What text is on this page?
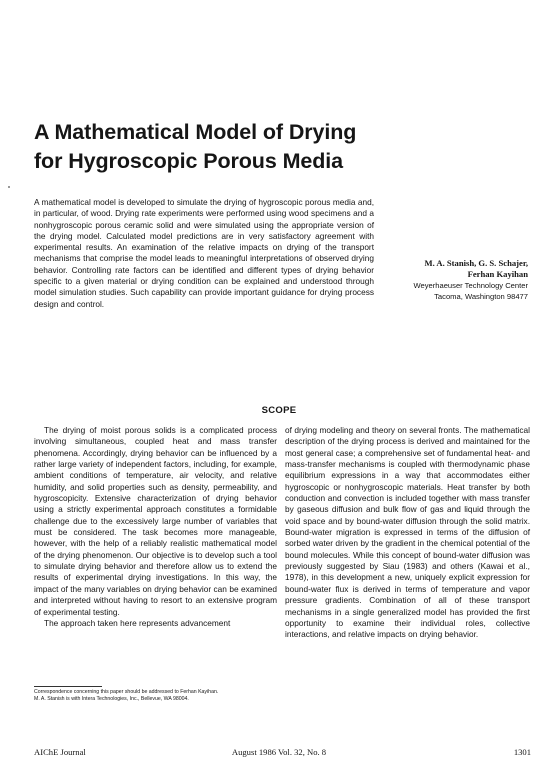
A Mathematical Model of Drying
for Hygroscopic Porous Media

A mathematical model is developed to simulate the drying of hygroscopic porous media and, in particular, of wood. Drying rate experiments were performed using wood specimens and a nonhygroscopic porous ceramic solid and were simulated using the appropriate version of the drying model. Calculated model predictions are in very satisfactory agreement with experimental results. An examination of the relative impacts on drying of the transport mechanisms that comprise the model leads to meaningful interpretations of observed drying behavior. Controlling rate factors can be identified and different types of drying behavior specific to a given material or drying condition can be explained and understood through model simulation studies. Such capability can provide important guidance for drying process design and control.

M. A. Stanish, G. S. Schajer,
Ferhan Kayihan
Weyerhaeuser Technology Center
Tacoma, Washington 98477
SCOPE

The drying of moist porous solids is a complicated process involving simultaneous, coupled heat and mass transfer phenomena. Accordingly, drying behavior can be influenced by a rather large variety of independent factors, including, for example, ambient conditions of temperature, air velocity, and relative humidity, and solid properties such as density, permeability, and hygroscopicity. Extensive characterization of drying behavior using a strictly experimental approach constitutes a formidable challenge due to the excessively large number of variables that must be considered. The task becomes more manageable, however, with the help of a reliably realistic mathematical model of the drying phenomenon. Our objective is to develop such a tool to simulate drying behavior and therefore allow us to extend the results of experimental drying investigations. In this way, the impact of the many variables on drying behavior can be examined and interpreted without having to resort to an extensive program of experimental testing.

The approach taken here represents advancement

of drying modeling and theory on several fronts. The mathematical description of the drying process is derived and maintained for the most general case; a comprehensive set of fundamental heat- and mass-transfer mechanisms is coupled with thermodynamic phase equilibrium expressions in a way that accommodates either hygroscopic or nonhygroscopic materials. Heat transfer by both conduction and convection is included together with mass transfer by gaseous diffusion and bulk flow of gas and liquid through the void space and by bound-water diffusion through the solid matrix. Bound-water migration is expressed in terms of the diffusion of sorbed water driven by the gradient in the chemical potential of the bound molecules. While this concept of bound-water diffusion was previously suggested by Siau (1983) and others (Kawai et al., 1978), in this development a new, uniquely explicit expression for bound-water flux is derived in terms of temperature and vapor pressure gradients. Combination of all of these transport mechanisms in a single generalized model has provided the first opportunity to examine their individual roles, collective interactions, and relative impacts on drying behavior.

Correspondence concerning this paper should be addressed to Ferhan Kayihan.
M. A. Stanish is with Intera Technologies, Inc., Bellevue, WA 98004.
AIChE Journal	August 1986 Vol. 32, No. 8	1301
